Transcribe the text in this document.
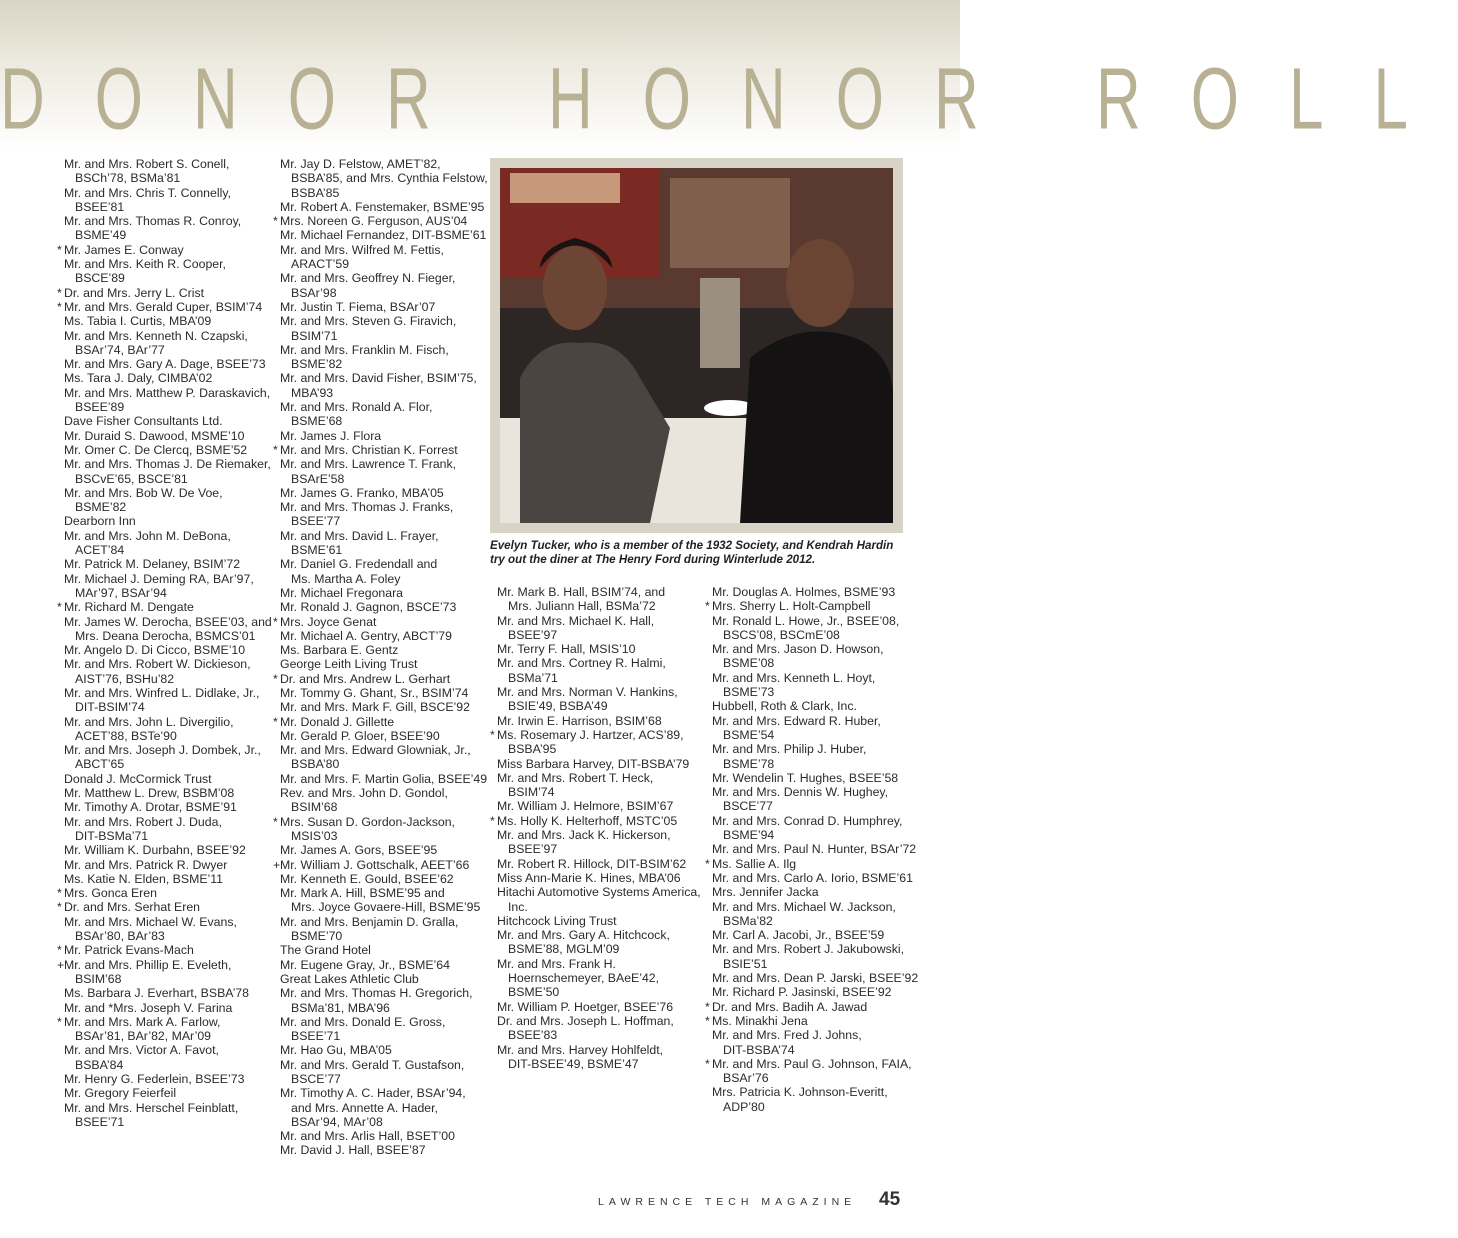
DONOR HONOR ROLL
Mr. and Mrs. Robert S. Conell,
BSCh’78, BSMa’81
Mr. and Mrs. Chris T. Connelly,
BSEE’81
Mr. and Mrs. Thomas R. Conroy,
BSME’49
* Mr. James E. Conway
Mr. and Mrs. Keith R. Cooper,
BSCE’89
* Dr. and Mrs. Jerry L. Crist
* Mr. and Mrs. Gerald Cuper, BSIM’74
Ms. Tabia I. Curtis, MBA’09
Mr. and Mrs. Kenneth N. Czapski,
BSAr’74, BAr’77
Mr. and Mrs. Gary A. Dage, BSEE’73
Ms. Tara J. Daly, CIMBA’02
Mr. and Mrs. Matthew P. Daraskavich,
BSEE’89
Dave Fisher Consultants Ltd.
Mr. Duraid S. Dawood, MSME’10
Mr. Omer C. De Clercq, BSME’52
Mr. and Mrs. Thomas J. De Riemaker,
BSCvE’65, BSCE’81
Mr. and Mrs. Bob W. De Voe,
BSME’82
Dearborn Inn
Mr. and Mrs. John M. DeBona,
ACET’84
Mr. Patrick M. Delaney, BSIM’72
Mr. Michael J. Deming RA, BAr’97,
MAr’97, BSAr’94
* Mr. Richard M. Dengate
Mr. James W. Derocha, BSEE’03, and
Mrs. Deana Derocha, BSMCS’01
Mr. Angelo D. Di Cicco, BSME’10
Mr. and Mrs. Robert W. Dickieson,
AIST’76, BSHu’82
Mr. and Mrs. Winfred L. Didlake, Jr.,
DIT-BSIM’74
Mr. and Mrs. John L. Divergilio,
ACET’88, BSTe’90
Mr. and Mrs. Joseph J. Dombek, Jr.,
ABCT’65
Donald J. McCormick Trust
Mr. Matthew L. Drew, BSBM’08
Mr. Timothy A. Drotar, BSME’91
Mr. and Mrs. Robert J. Duda,
DIT-BSMa’71
Mr. William K. Durbahn, BSEE’92
Mr. and Mrs. Patrick R. Dwyer
Ms. Katie N. Elden, BSME’11
* Mrs. Gonca Eren
* Dr. and Mrs. Serhat Eren
Mr. and Mrs. Michael W. Evans,
BSAr’80, BAr’83
* Mr. Patrick Evans-Mach
+ Mr. and Mrs. Phillip E. Eveleth,
BSIM’68
Ms. Barbara J. Everhart, BSBA’78
Mr. and *Mrs. Joseph V. Farina
* Mr. and Mrs. Mark A. Farlow,
BSAr’81, BAr’82, MAr’09
Mr. and Mrs. Victor A. Favot,
BSBA’84
Mr. Henry G. Federlein, BSEE’73
Mr. Gregory Feierfeil
Mr. and Mrs. Herschel Feinblatt,
BSEE’71
Mr. Jay D. Felstow, AMET’82,
BSBA’85, and Mrs. Cynthia Felstow,
BSBA’85
Mr. Robert A. Fenstemaker, BSME’95
* Mrs. Noreen G. Ferguson, AUS’04
Mr. Michael Fernandez, DIT-BSME’61
Mr. and Mrs. Wilfred M. Fettis,
ARACT’59
Mr. and Mrs. Geoffrey N. Fieger,
BSAr’98
Mr. Justin T. Fiema, BSAr’07
Mr. and Mrs. Steven G. Firavich,
BSIM’71
Mr. and Mrs. Franklin M. Fisch,
BSME’82
Mr. and Mrs. David Fisher, BSIM’75,
MBA’93
Mr. and Mrs. Ronald A. Flor,
BSME’68
Mr. James J. Flora
* Mr. and Mrs. Christian K. Forrest
Mr. and Mrs. Lawrence T. Frank,
BSArE’58
Mr. James G. Franko, MBA’05
Mr. and Mrs. Thomas J. Franks,
BSEE’77
Mr. and Mrs. David L. Frayer,
BSME’61
Mr. Daniel G. Fredendall and
Ms. Martha A. Foley
Mr. Michael Fregonara
Mr. Ronald J. Gagnon, BSCE’73
* Mrs. Joyce Genat
Mr. Michael A. Gentry, ABCT’79
Ms. Barbara E. Gentz
George Leith Living Trust
* Dr. and Mrs. Andrew L. Gerhart
Mr. Tommy G. Ghant, Sr., BSIM’74
Mr. and Mrs. Mark F. Gill, BSCE’92
* Mr. Donald J. Gillette
Mr. Gerald P. Gloer, BSEE’90
Mr. and Mrs. Edward Glowniak, Jr.,
BSBA’80
Mr. and Mrs. F. Martin Golia, BSEE’49
Rev. and Mrs. John D. Gondol,
BSIM’68
* Mrs. Susan D. Gordon-Jackson,
MSIS’03
Mr. James A. Gors, BSEE’95
+ Mr. William J. Gottschalk, AEET’66
Mr. Kenneth E. Gould, BSEE’62
Mr. Mark A. Hill, BSME’95 and
Mrs. Joyce Govaere-Hill, BSME’95
Mr. and Mrs. Benjamin D. Gralla,
BSME’70
The Grand Hotel
Mr. Eugene Gray, Jr., BSME’64
Great Lakes Athletic Club
Mr. and Mrs. Thomas H. Gregorich,
BSMa’81, MBA’96
Mr. and Mrs. Donald E. Gross,
BSEE’71
Mr. Hao Gu, MBA’05
Mr. and Mrs. Gerald T. Gustafson,
BSCE’77
Mr. Timothy A. C. Hader, BSAr’94,
and Mrs. Annette A. Hader,
BSAr’94, MAr’08
Mr. and Mrs. Arlis Hall, BSET’00
Mr. David J. Hall, BSEE’87
Evelyn Tucker, who is a member of the 1932 Society, and Kendrah Hardin try out the diner at The Henry Ford during Winterlude 2012.
Mr. Mark B. Hall, BSIM’74, and
Mrs. Juliann Hall, BSMa’72
Mr. and Mrs. Michael K. Hall,
BSEE’97
Mr. Terry F. Hall, MSIS’10
Mr. and Mrs. Cortney R. Halmi,
BSMa’71
Mr. and Mrs. Norman V. Hankins,
BSIE’49, BSBA’49
Mr. Irwin E. Harrison, BSIM’68
* Ms. Rosemary J. Hartzer, ACS’89,
BSBA’95
Miss Barbara Harvey, DIT-BSBA’79
Mr. and Mrs. Robert T. Heck,
BSIM’74
Mr. William J. Helmore, BSIM’67
* Ms. Holly K. Helterhoff, MSTC’05
Mr. and Mrs. Jack K. Hickerson,
BSEE’97
Mr. Robert R. Hillock, DIT-BSIM’62
Miss Ann-Marie K. Hines, MBA’06
Hitachi Automotive Systems America,
Inc.
Hitchcock Living Trust
Mr. and Mrs. Gary A. Hitchcock,
BSME’88, MGLM’09
Mr. and Mrs. Frank H.
Hoernschemeyer, BAeE’42,
BSME’50
Mr. William P. Hoetger, BSEE’76
Dr. and Mrs. Joseph L. Hoffman,
BSEE’83
Mr. and Mrs. Harvey Hohlfeldt,
DIT-BSEE’49, BSME’47
Mr. Douglas A. Holmes, BSME’93
* Mrs. Sherry L. Holt-Campbell
Mr. Ronald L. Howe, Jr., BSEE’08,
BSCS’08, BSCmE’08
Mr. and Mrs. Jason D. Howson,
BSME’08
Mr. and Mrs. Kenneth L. Hoyt,
BSME’73
Hubbell, Roth & Clark, Inc.
Mr. and Mrs. Edward R. Huber,
BSME’54
Mr. and Mrs. Philip J. Huber,
BSME’78
Mr. Wendelin T. Hughes, BSEE’58
Mr. and Mrs. Dennis W. Hughey,
BSCE’77
Mr. and Mrs. Conrad D. Humphrey,
BSME’94
Mr. and Mrs. Paul N. Hunter, BSAr’72
* Ms. Sallie A. Ilg
Mr. and Mrs. Carlo A. Iorio, BSME’61
Mrs. Jennifer Jacka
Mr. and Mrs. Michael W. Jackson,
BSMa’82
Mr. Carl A. Jacobi, Jr., BSEE’59
Mr. and Mrs. Robert J. Jakubowski,
BSIE’51
Mr. and Mrs. Dean P. Jarski, BSEE’92
Mr. Richard P. Jasinski, BSEE’92
* Dr. and Mrs. Badih A. Jawad
* Ms. Minakhi Jena
Mr. and Mrs. Fred J. Johns,
DIT-BSBA’74
* Mr. and Mrs. Paul G. Johnson, FAIA,
BSAr’76
Mrs. Patricia K. Johnson-Everitt,
ADP’80
LAWRENCE TECH MAGAZINE 45
